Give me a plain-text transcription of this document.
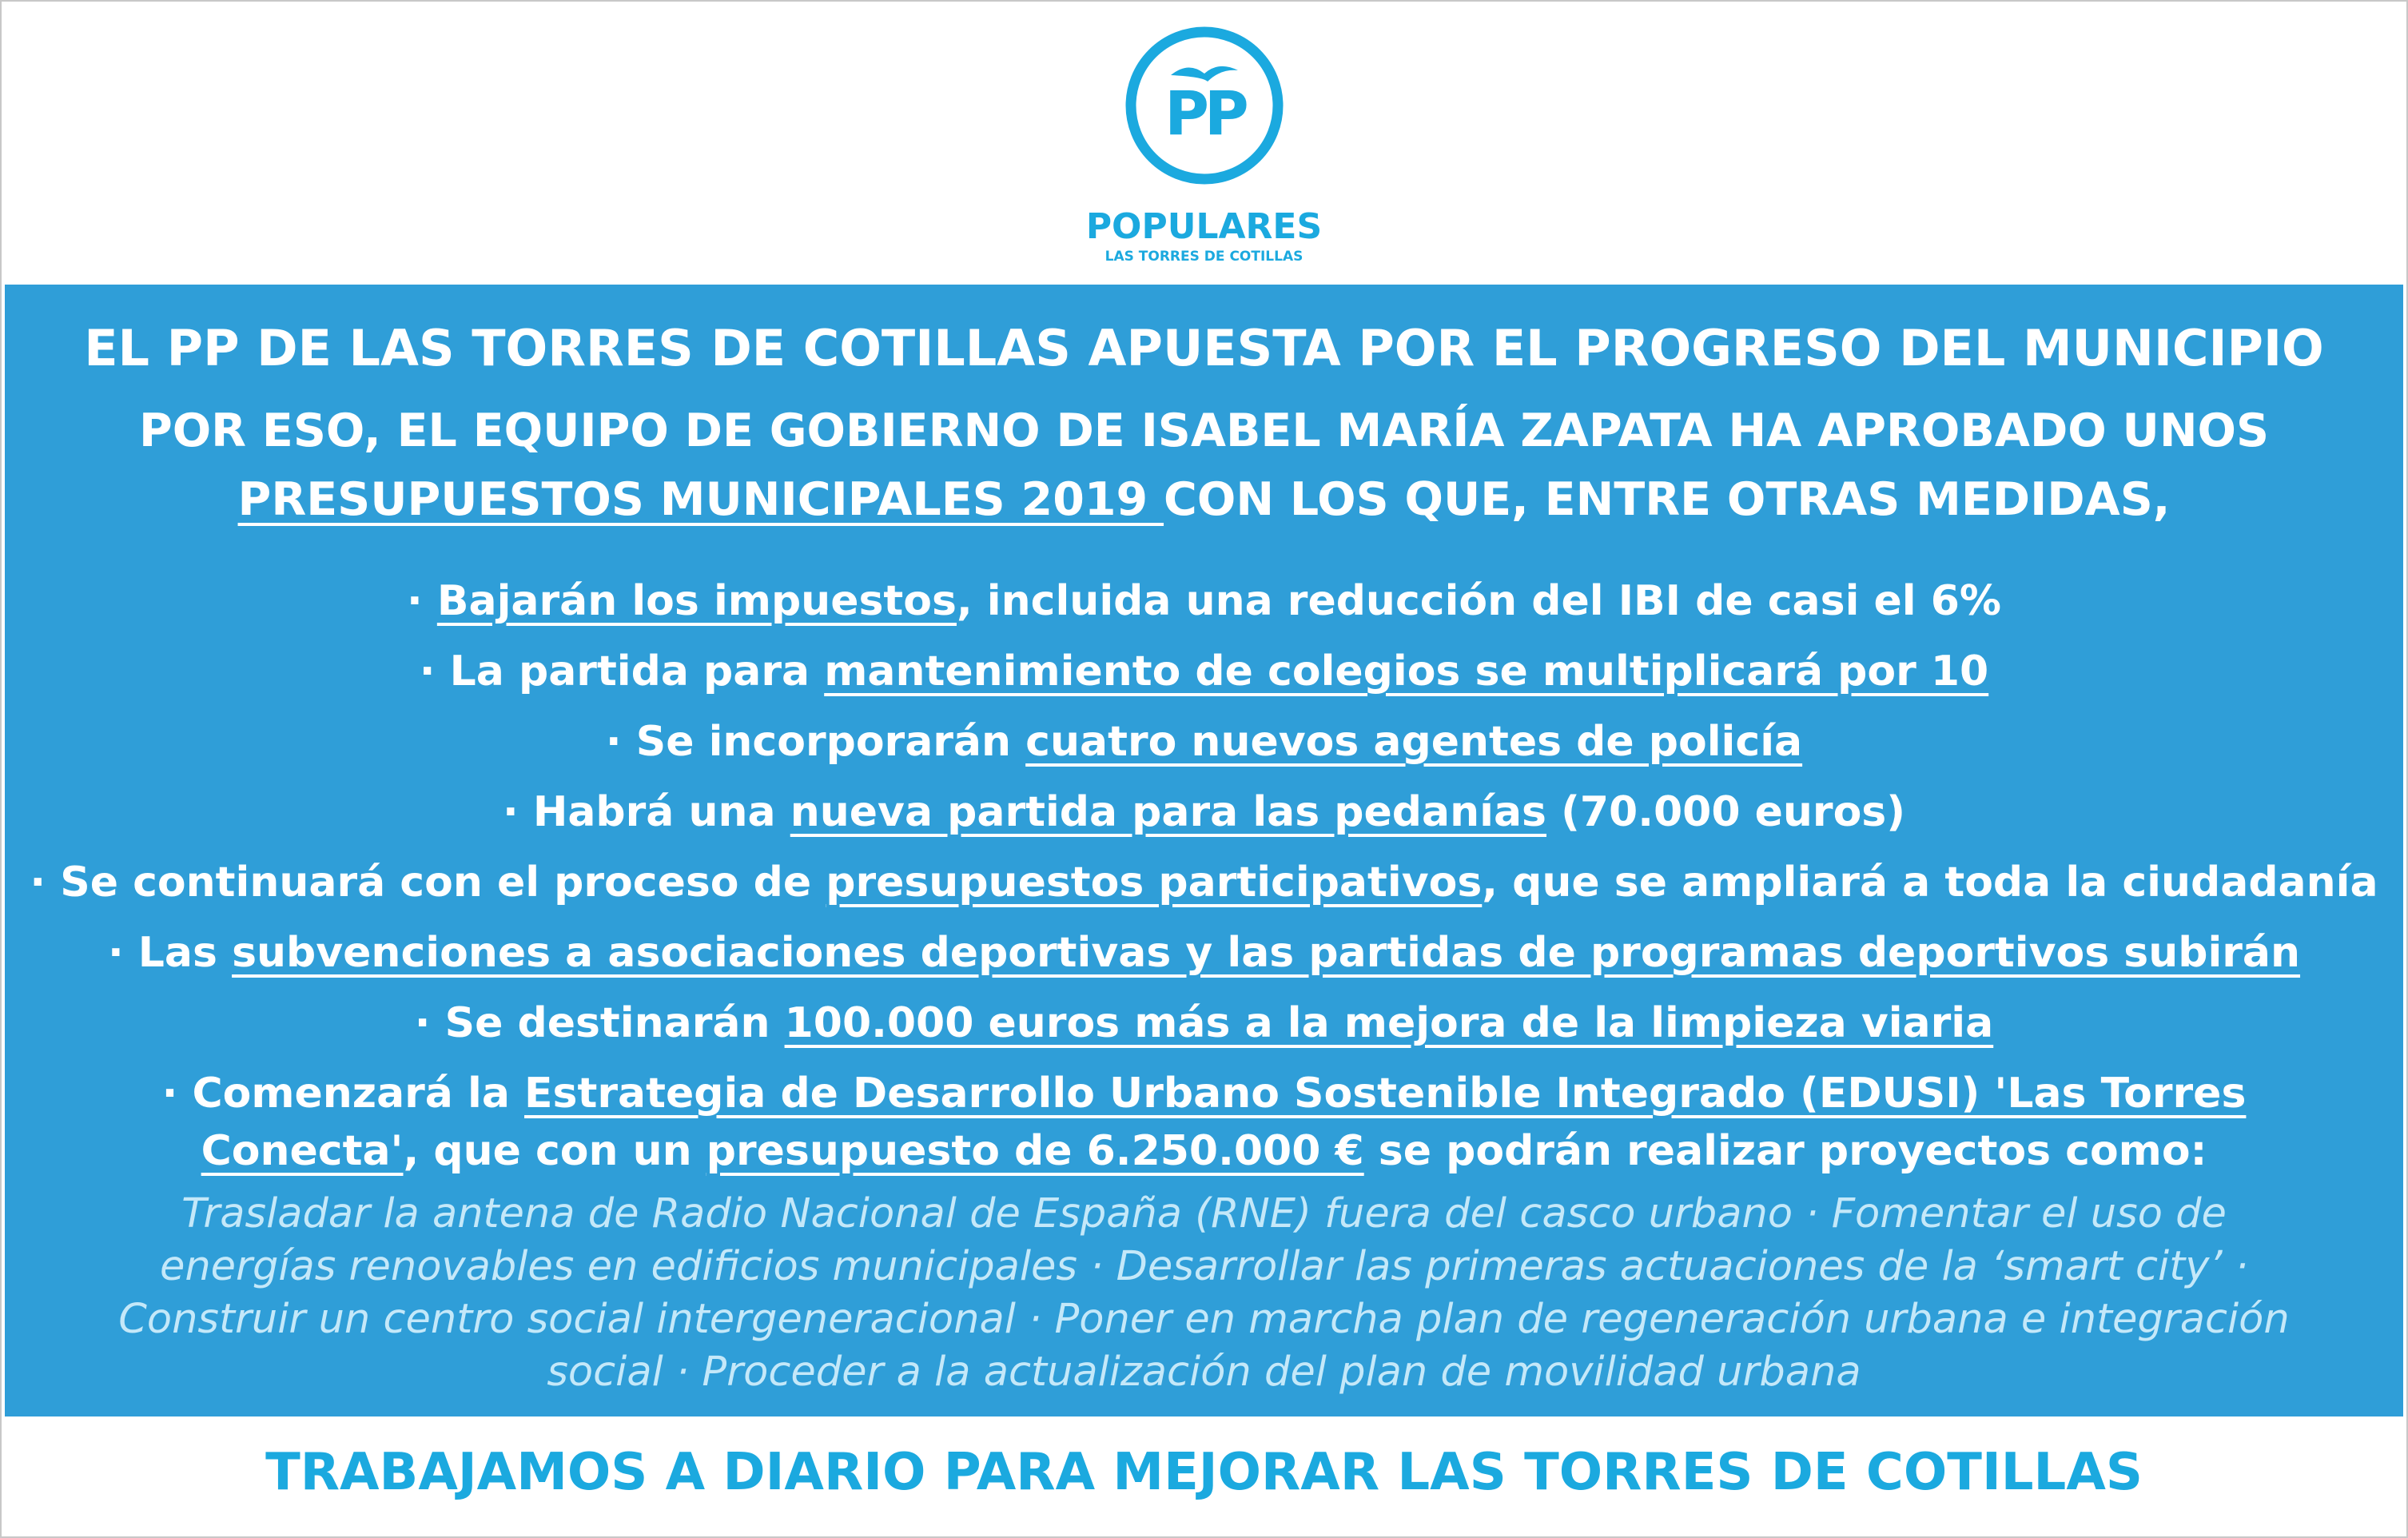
PP
POPULARES
LAS TORRES DE COTILLAS
EL PP DE LAS TORRES DE COTILLAS APUESTA POR EL PROGRESO DEL MUNICIPIO
POR ESO, EL EQUIPO DE GOBIERNO DE ISABEL MARÍA ZAPATA HA APROBADO UNOS
PRESUPUESTOS MUNICIPALES 2019 CON LOS QUE, ENTRE OTRAS MEDIDAS,
· Bajarán los impuestos, incluida una reducción del IBI de casi el 6%
· La partida para mantenimiento de colegios se multiplicará por 10
· Se incorporarán cuatro nuevos agentes de policía
· Habrá una nueva partida para las pedanías (70.000 euros)
· Se continuará con el proceso de presupuestos participativos, que se ampliará a toda la ciudadanía
· Las subvenciones a asociaciones deportivas y las partidas de programas deportivos subirán
· Se destinarán 100.000 euros más a la mejora de la limpieza viaria
· Comenzará la Estrategia de Desarrollo Urbano Sostenible Integrado (EDUSI) 'Las Torres Conecta', que con un presupuesto de 6.250.000 € se podrán realizar proyectos como:
Trasladar la antena de Radio Nacional de España (RNE) fuera del casco urbano · Fomentar el uso de energías renovables en edificios municipales · Desarrollar las primeras actuaciones de la ‘smart city’ · Construir un centro social intergeneracional · Poner en marcha plan de regeneración urbana e integración social · Proceder a la actualización del plan de movilidad urbana
TRABAJAMOS A DIARIO PARA MEJORAR LAS TORRES DE COTILLAS
